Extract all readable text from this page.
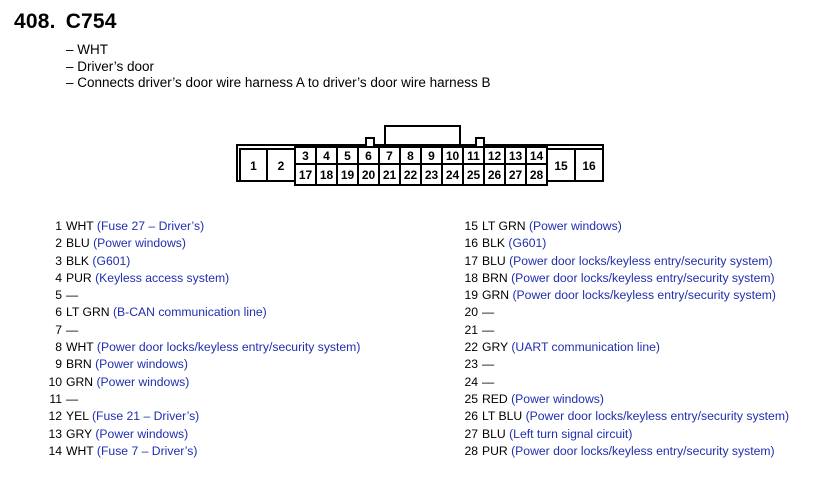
408. C754
– WHT
– Driver’s door
– Connects driver’s door wire harness A to driver’s door wire harness B
3 4 5 6 7 8 9 10 11 12 13 14
17 18 19 20 21 22 23 24 25 26 27 28
1 2	15 16
1 WHT (Fuse 27 – Driver’s)
2 BLU (Power windows)
3 BLK (G601)
4 PUR (Keyless access system)
5 —
6 LT GRN (B-CAN communication line)
7 —
8 WHT (Power door locks/keyless entry/security system)
9 BRN (Power windows)
10 GRN (Power windows)
11 —
12 YEL (Fuse 21 – Driver’s)
13 GRY (Power windows)
14 WHT (Fuse 7 – Driver’s)
15 LT GRN (Power windows)
16 BLK (G601)
17 BLU (Power door locks/keyless entry/security system)
18 BRN (Power door locks/keyless entry/security system)
19 GRN (Power door locks/keyless entry/security system)
20 —
21 —
22 GRY (UART communication line)
23 —
24 —
25 RED (Power windows)
26 LT BLU (Power door locks/keyless entry/security system)
27 BLU (Left turn signal circuit)
28 PUR (Power door locks/keyless entry/security system)
